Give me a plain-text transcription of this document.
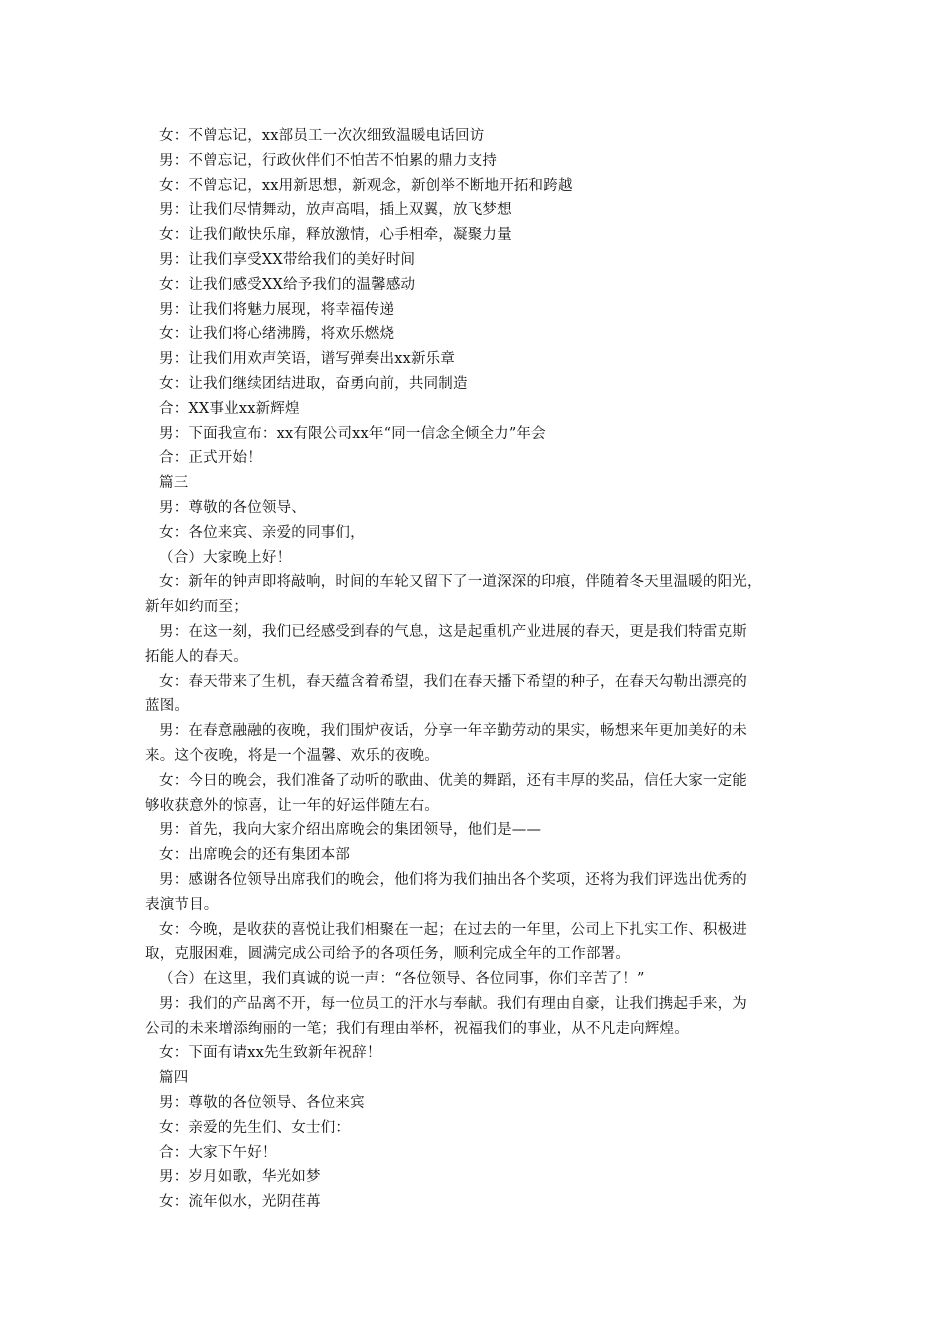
女：不曾忘记，xx部员工一次次细致温暖电话回访

男：不曾忘记，行政伙伴们不怕苦不怕累的鼎力支持

女：不曾忘记，xx用新思想，新观念，新创举不断地开拓和跨越

男：让我们尽情舞动，放声高唱，插上双翼，放飞梦想

女：让我们敞快乐扉，释放激情，心手相牵，凝聚力量

男：让我们享受XX带给我们的美好时间

女：让我们感受XX给予我们的温馨感动

男：让我们将魅力展现，将幸福传递

女：让我们将心绪沸腾，将欢乐燃烧

男：让我们用欢声笑语，谱写弹奏出xx新乐章

女：让我们继续团结进取，奋勇向前，共同制造

合：XX事业xx新辉煌

男：下面我宣布：xx有限公司xx年“同一信念全倾全力”年会

合：正式开始！

篇三

男：尊敬的各位领导、

女：各位来宾、亲爱的同事们，

（合）大家晚上好！

女：新年的钟声即将敲响，时间的车轮又留下了一道深深的印痕，伴随着冬天里温暖的阳光，

新年如约而至；

男：在这一刻，我们已经感受到春的气息，这是起重机产业进展的春天，更是我们特雷克斯

拓能人的春天。

女：春天带来了生机，春天蕴含着希望，我们在春天播下希望的种子，在春天勾勒出漂亮的

蓝图。

男：在春意融融的夜晚，我们围炉夜话，分享一年辛勤劳动的果实，畅想来年更加美好的未

来。这个夜晚，将是一个温馨、欢乐的夜晚。

女：今日的晚会，我们准备了动听的歌曲、优美的舞蹈，还有丰厚的奖品，信任大家一定能

够收获意外的惊喜，让一年的好运伴随左右。

男：首先，我向大家介绍出席晚会的集团领导，他们是——

女：出席晚会的还有集团本部

男：感谢各位领导出席我们的晚会，他们将为我们抽出各个奖项，还将为我们评选出优秀的

表演节目。

女：今晚，是收获的喜悦让我们相聚在一起；在过去的一年里，公司上下扎实工作、积极进

取，克服困难，圆满完成公司给予的各项任务，顺利完成全年的工作部署。

（合）在这里，我们真诚的说一声：“各位领导、各位同事，你们辛苦了！”

男：我们的产品离不开，每一位员工的汗水与奉献。我们有理由自豪，让我们携起手来，为

公司的未来增添绚丽的一笔；我们有理由举杯，祝福我们的事业，从不凡走向辉煌。

女：下面有请xx先生致新年祝辞！

篇四

男：尊敬的各位领导、各位来宾

女：亲爱的先生们、女士们：

合：大家下午好！

男：岁月如歌，华光如梦

女：流年似水，光阴荏苒
